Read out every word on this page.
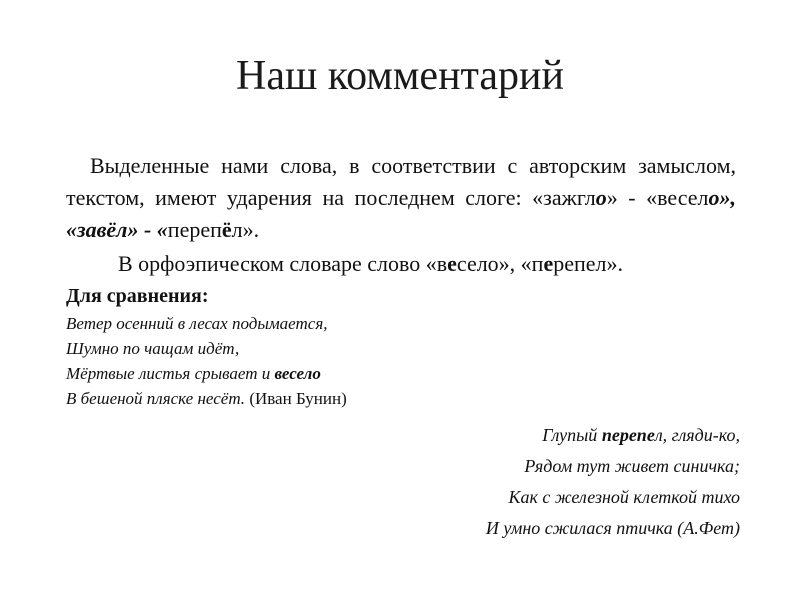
Наш комментарий
Выделенные нами слова, в соответствии с авторским замыслом, текстом, имеют ударения на последнем слоге: «зажгло» - «весело», «завёл» - «перепёл».
В орфоэпическом словаре слово «весело», «перепел».
Для сравнения:
Ветер осенний в лесах подымается,
Шумно по чащам идёт,
Мёртвые листья срывает и весело
В бешеной пляске несёт. (Иван Бунин)
Глупый перепел, гляди-ко,
Рядом тут живет синичка;
Как с железной клеткой тихо
И умно сжилася птичка (А.Фет)
